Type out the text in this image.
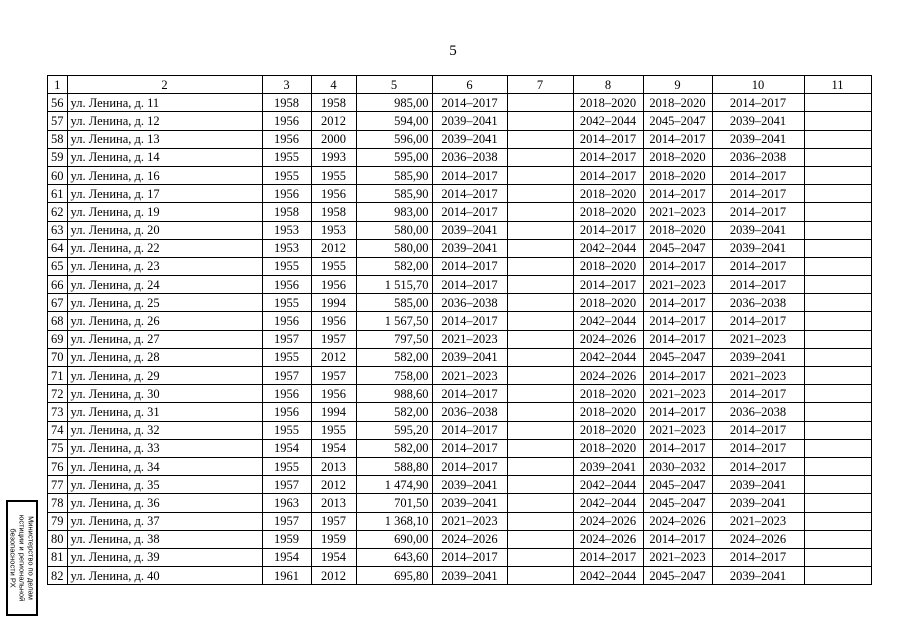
5
1	2	3	4	5	6	7	8	9	10	11
56	ул. Ленина, д. 11	1958	1958	985,00	2014–2017		2018–2020	2018–2020	2014–2017	
57	ул. Ленина, д. 12	1956	2012	594,00	2039–2041		2042–2044	2045–2047	2039–2041	
58	ул. Ленина, д. 13	1956	2000	596,00	2039–2041		2014–2017	2014–2017	2039–2041	
59	ул. Ленина, д. 14	1955	1993	595,00	2036–2038		2014–2017	2018–2020	2036–2038	
60	ул. Ленина, д. 16	1955	1955	585,90	2014–2017		2014–2017	2018–2020	2014–2017	
61	ул. Ленина, д. 17	1956	1956	585,90	2014–2017		2018–2020	2014–2017	2014–2017	
62	ул. Ленина, д. 19	1958	1958	983,00	2014–2017		2018–2020	2021–2023	2014–2017	
63	ул. Ленина, д. 20	1953	1953	580,00	2039–2041		2014–2017	2018–2020	2039–2041	
64	ул. Ленина, д. 22	1953	2012	580,00	2039–2041		2042–2044	2045–2047	2039–2041	
65	ул. Ленина, д. 23	1955	1955	582,00	2014–2017		2018–2020	2014–2017	2014–2017	
66	ул. Ленина, д. 24	1956	1956	1 515,70	2014–2017		2014–2017	2021–2023	2014–2017	
67	ул. Ленина, д. 25	1955	1994	585,00	2036–2038		2018–2020	2014–2017	2036–2038	
68	ул. Ленина, д. 26	1956	1956	1 567,50	2014–2017		2042–2044	2014–2017	2014–2017	
69	ул. Ленина, д. 27	1957	1957	797,50	2021–2023		2024–2026	2014–2017	2021–2023	
70	ул. Ленина, д. 28	1955	2012	582,00	2039–2041		2042–2044	2045–2047	2039–2041	
71	ул. Ленина, д. 29	1957	1957	758,00	2021–2023		2024–2026	2014–2017	2021–2023	
72	ул. Ленина, д. 30	1956	1956	988,60	2014–2017		2018–2020	2021–2023	2014–2017	
73	ул. Ленина, д. 31	1956	1994	582,00	2036–2038		2018–2020	2014–2017	2036–2038	
74	ул. Ленина, д. 32	1955	1955	595,20	2014–2017		2018–2020	2021–2023	2014–2017	
75	ул. Ленина, д. 33	1954	1954	582,00	2014–2017		2018–2020	2014–2017	2014–2017	
76	ул. Ленина, д. 34	1955	2013	588,80	2014–2017		2039–2041	2030–2032	2014–2017	
77	ул. Ленина, д. 35	1957	2012	1 474,90	2039–2041		2042–2044	2045–2047	2039–2041	
78	ул. Ленина, д. 36	1963	2013	701,50	2039–2041		2042–2044	2045–2047	2039–2041	
79	ул. Ленина, д. 37	1957	1957	1 368,10	2021–2023		2024–2026	2024–2026	2021–2023	
80	ул. Ленина, д. 38	1959	1959	690,00	2024–2026		2024–2026	2014–2017	2024–2026	
81	ул. Ленина, д. 39	1954	1954	643,60	2014–2017		2014–2017	2021–2023	2014–2017	
82	ул. Ленина, д. 40	1961	2012	695,80	2039–2041		2042–2044	2045–2047	2039–2041	
Министерство по делам
юстиции и региональной
безопасности РХ
